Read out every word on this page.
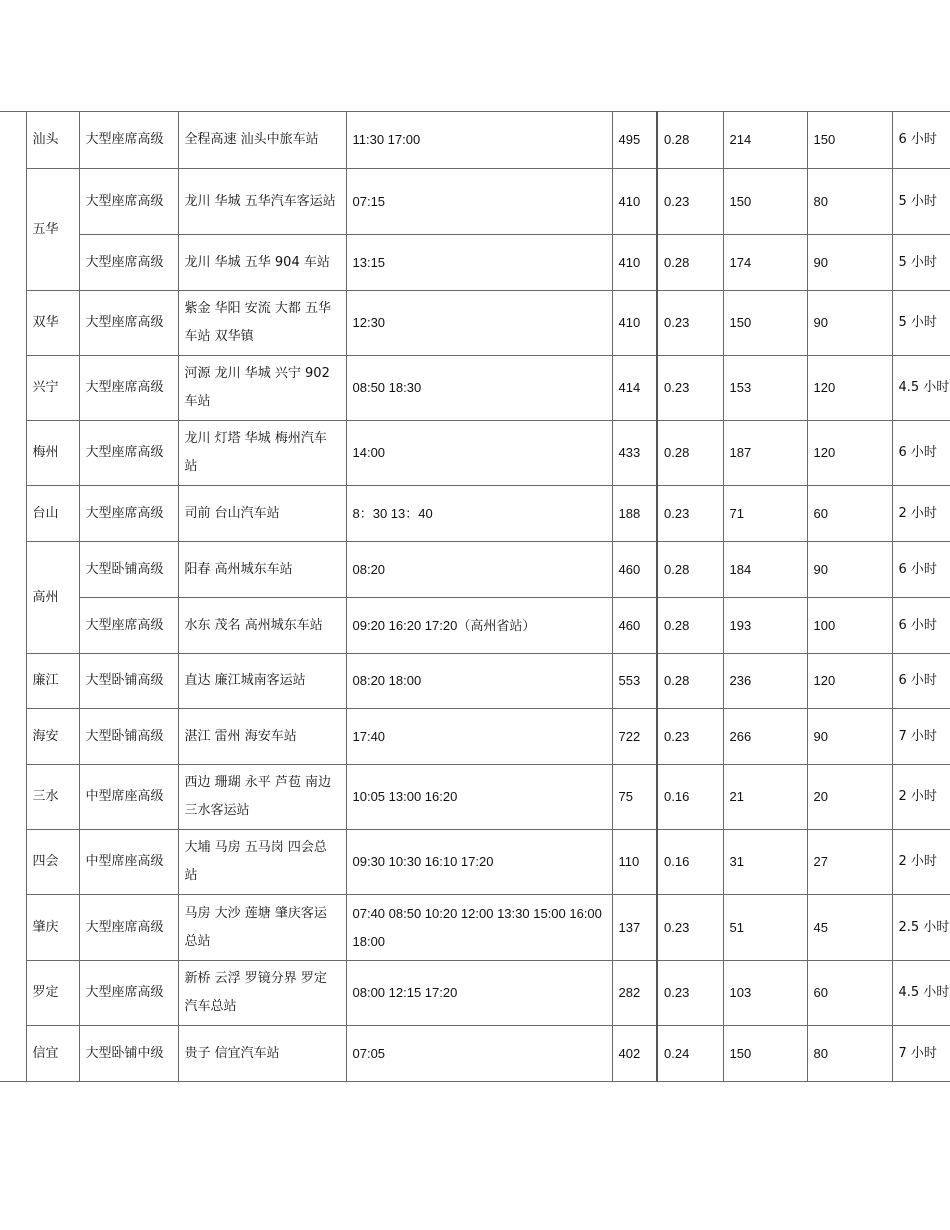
	汕头	大型座席高级	全程高速 汕头中旅车站	11:30 17:00	495	0.28	214	150	6 小时
	五华	大型座席高级	龙川 华城 五华汽车客运站	07:15	410	0.23	150	80	5 小时
		大型座席高级	龙川 华城 五华 904 车站	13:15	410	0.28	174	90	5 小时
	双华	大型座席高级	紫金 华阳 安流 大都 五华车站 双华镇	12:30	410	0.23	150	90	5 小时
	兴宁	大型座席高级	河源 龙川 华城 兴宁 902 车站	08:50 18:30	414	0.23	153	120	4.5 小时
	梅州	大型座席高级	龙川 灯塔 华城 梅州汽车站	14:00	433	0.28	187	120	6 小时
	台山	大型座席高级	司前 台山汽车站	8：30 13：40	188	0.23	71	60	2 小时
	高州	大型卧铺高级	阳春 高州城东车站	08:20	460	0.28	184	90	6 小时
		大型座席高级	水东 茂名 高州城东车站	09:20 16:20 17:20（高州省站）	460	0.28	193	100	6 小时
	廉江	大型卧铺高级	直达 廉江城南客运站	08:20 18:00	553	0.28	236	120	6 小时
	海安	大型卧铺高级	湛江 雷州 海安车站	17:40	722	0.23	266	90	7 小时
	三水	中型席座高级	西边 珊瑚 永平 芦苞 南边 三水客运站	10:05 13:00 16:20	75	0.16	21	20	2 小时
	四会	中型席座高级	大埔 马房 五马岗 四会总站	09:30 10:30 16:10 17:20	110	0.16	31	27	2 小时
	肇庆	大型座席高级	马房 大沙 莲塘 肇庆客运总站	07:40 08:50 10:20 12:00 13:30 15:00 16:00 18:00	137	0.23	51	45	2.5 小时
	罗定	大型座席高级	新桥 云浮 罗镜分界 罗定汽车总站	08:00 12:15 17:20	282	0.23	103	60	4.5 小时
	信宜	大型卧铺中级	贵子 信宜汽车站	07:05	402	0.24	150	80	7 小时
